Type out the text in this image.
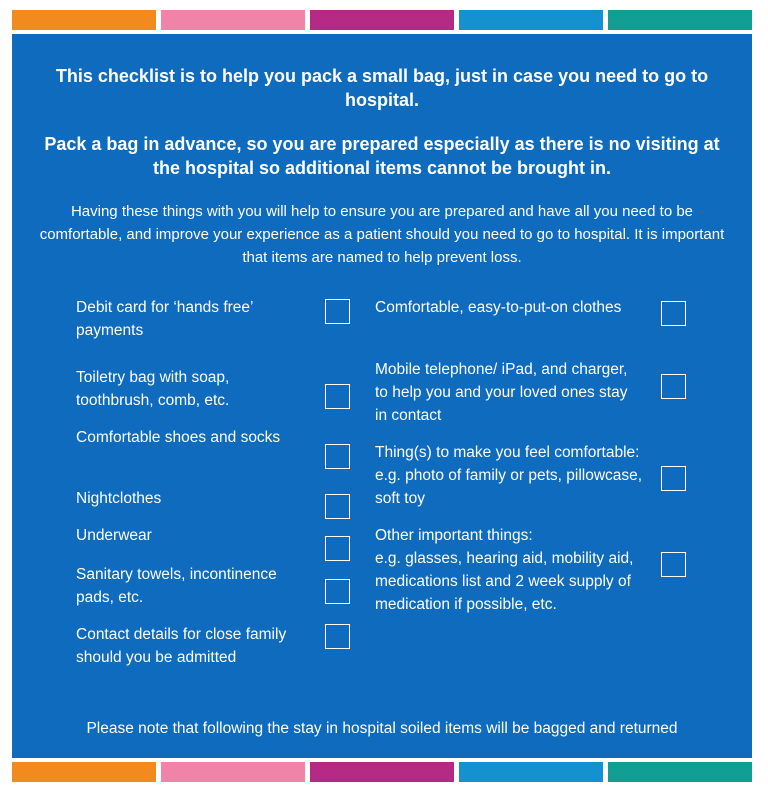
This checklist is to help you pack a small bag, just in case you need to go to hospital.

Pack a bag in advance, so you are prepared especially as there is no visiting at the hospital so additional items cannot be brought in.

Having these things with you will help to ensure you are prepared and have all you need to be comfortable, and improve your experience as a patient should you need to go to hospital. It is important that items are named to help prevent loss.

Debit card for ‘hands free’ payments

Toiletry bag with soap, toothbrush, comb, etc.

Comfortable shoes and socks

Nightclothes

Underwear

Sanitary towels, incontinence pads, etc.

Contact details for close family should you be admitted

Comfortable, easy-to-put-on clothes

Mobile telephone/ iPad, and charger, to help you and your loved ones stay in contact

Thing(s) to make you feel comfortable: e.g. photo of family or pets, pillowcase, soft toy

Other important things:
e.g. glasses, hearing aid, mobility aid, medications list and 2 week supply of medication if possible, etc.

Please note that following the stay in hospital soiled items will be bagged and returned
